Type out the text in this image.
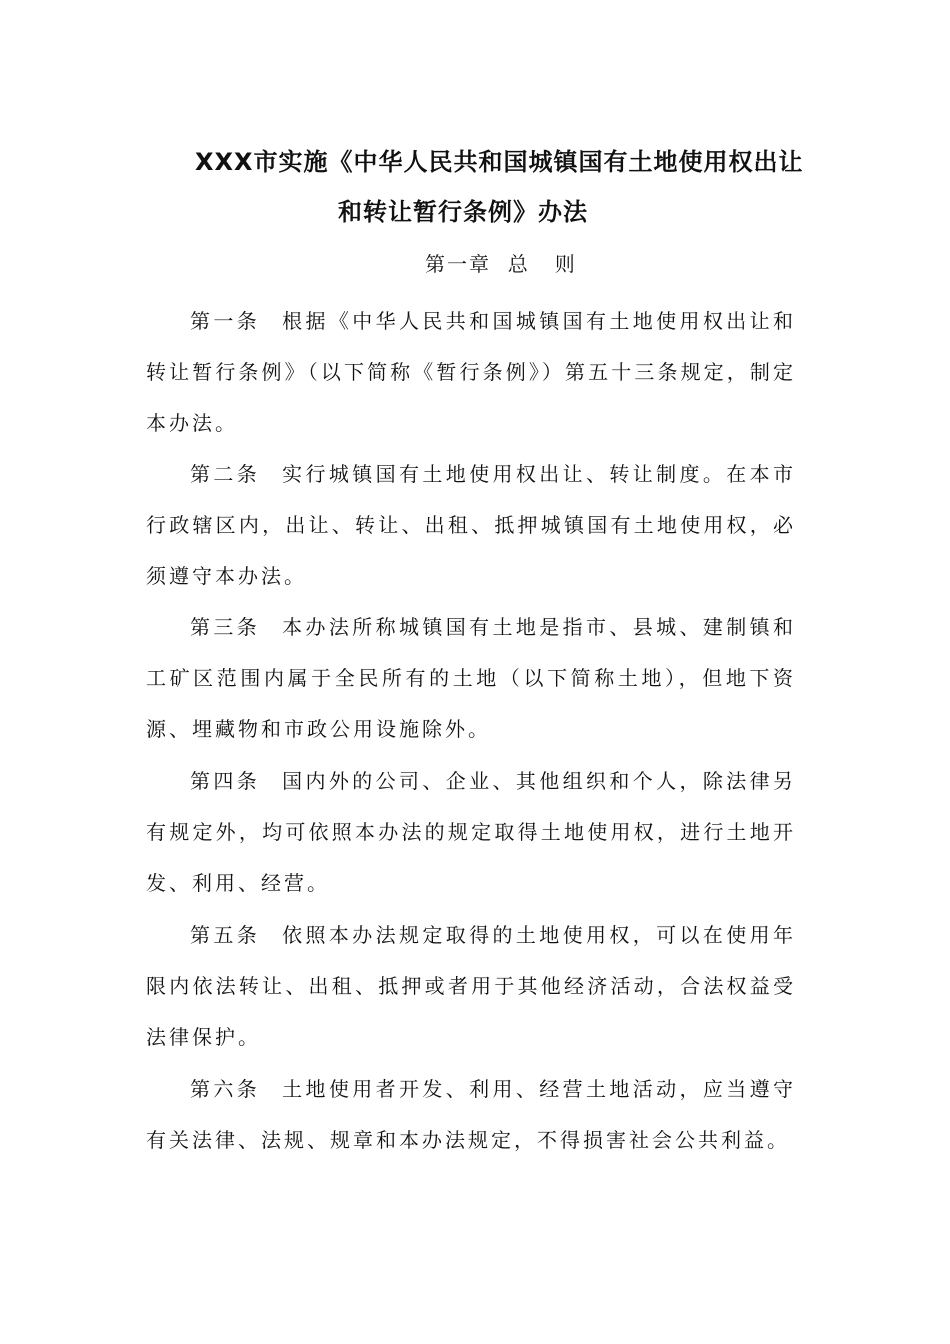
XXX市实施《中华人民共和国城镇国有土地使用权出让
和转让暂行条例》办法
第一章  总   则
第一条 根据《中华人民共和国城镇国有土地使用权出让和转让暂行条例》（以下简称《暂行条例》）第五十三条规定，制定本办法。
第二条 实行城镇国有土地使用权出让、转让制度。在本市行政辖区内，出让、转让、出租、抵押城镇国有土地使用权，必须遵守本办法。
第三条 本办法所称城镇国有土地是指市、县城、建制镇和工矿区范围内属于全民所有的土地（以下简称土地），但地下资源、埋藏物和市政公用设施除外。
第四条 国内外的公司、企业、其他组织和个人，除法律另有规定外，均可依照本办法的规定取得土地使用权，进行土地开发、利用、经营。
第五条 依照本办法规定取得的土地使用权，可以在使用年限内依法转让、出租、抵押或者用于其他经济活动，合法权益受法律保护。
第六条 土地使用者开发、利用、经营土地活动，应当遵守有关法律、法规、规章和本办法规定，不得损害社会公共利益。
